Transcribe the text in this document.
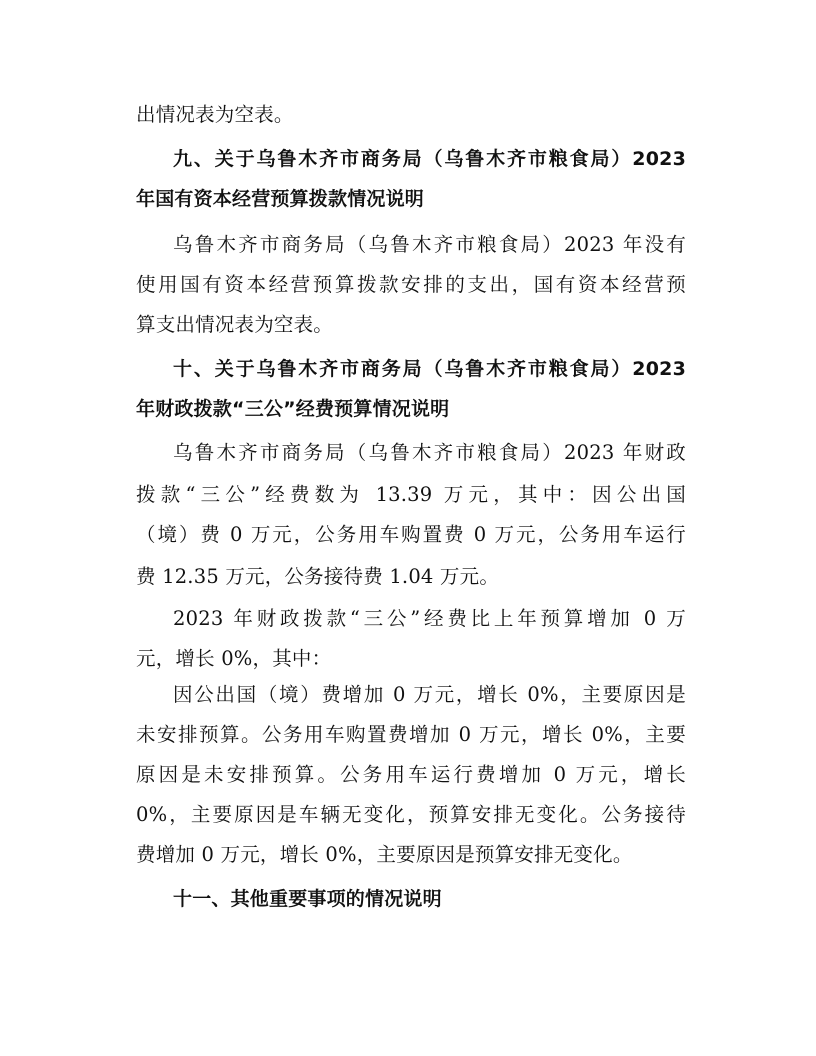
出情况表为空表。
九、关于乌鲁木齐市商务局（乌鲁木齐市粮食局）2023
年国有资本经营预算拨款情况说明
乌鲁木齐市商务局（乌鲁木齐市粮食局）2023 年没有
使用国有资本经营预算拨款安排的支出，国有资本经营预
算支出情况表为空表。
十、关于乌鲁木齐市商务局（乌鲁木齐市粮食局）2023
年财政拨款“三公”经费预算情况说明
乌鲁木齐市商务局（乌鲁木齐市粮食局）2023 年财政
拨款“三公”经费数为 13.39 万元，其中：因公出国
（境）费 0 万元，公务用车购置费 0 万元，公务用车运行
费 12.35 万元，公务接待费 1.04 万元。
2023 年财政拨款“三公”经费比上年预算增加 0 万
元，增长 0%，其中：
因公出国（境）费增加 0 万元，增长 0%，主要原因是
未安排预算。公务用车购置费增加 0 万元，增长 0%，主要
原因是未安排预算。公务用车运行费增加 0 万元，增长
0%，主要原因是车辆无变化，预算安排无变化。公务接待
费增加 0 万元，增长 0%，主要原因是预算安排无变化。
十一、其他重要事项的情况说明
